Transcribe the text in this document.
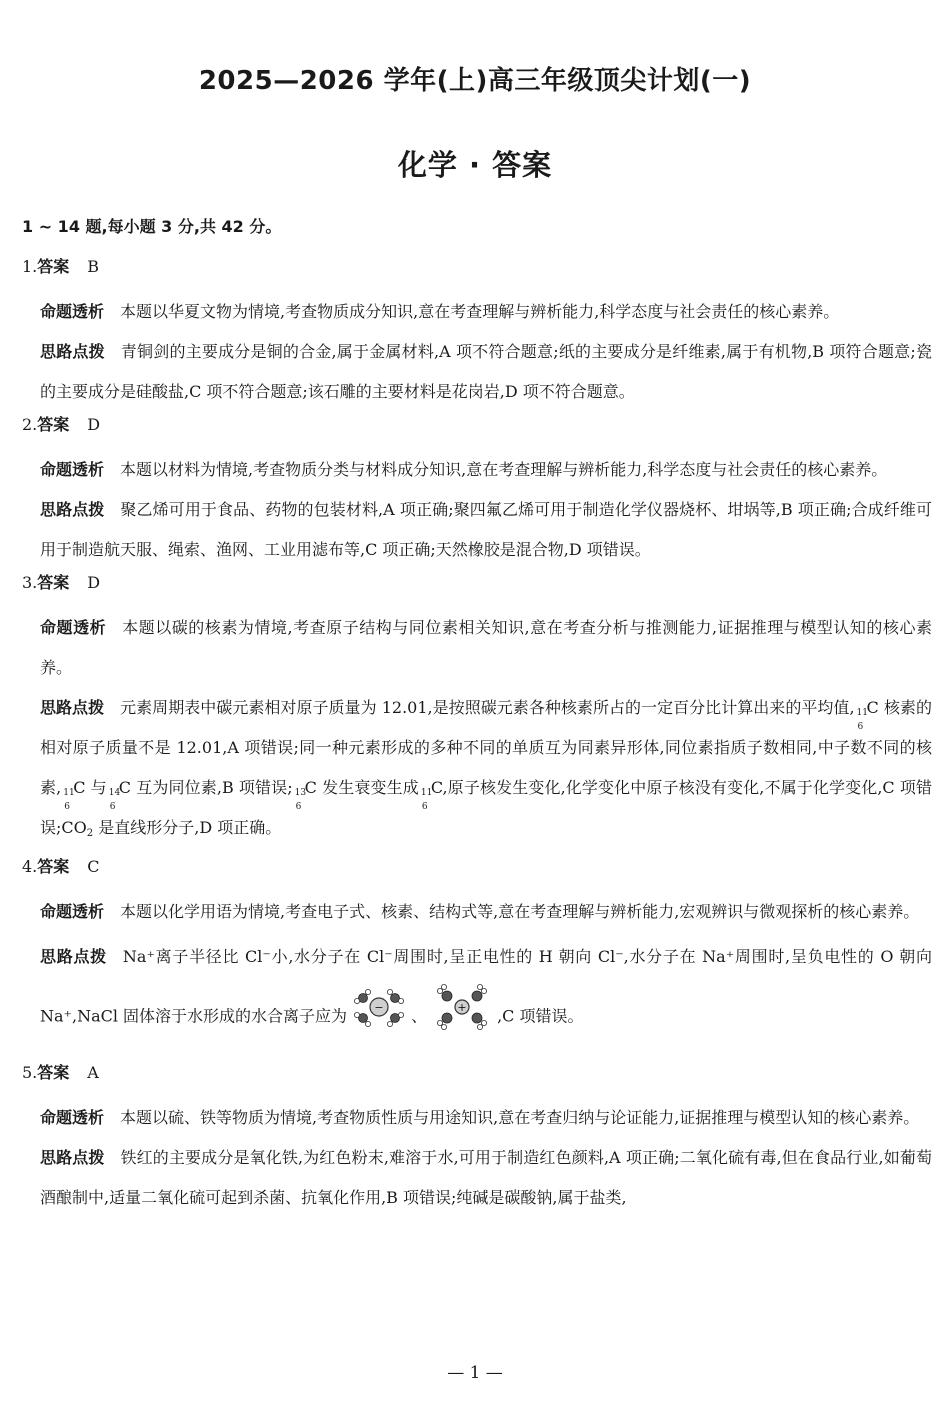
2025—2026 学年(上)高三年级顶尖计划(一)
化学 · 答案
1 ~ 14 题,每小题 3 分,共 42 分。
1.答案 B
命题透析 本题以华夏文物为情境,考查物质成分知识,意在考查理解与辨析能力,科学态度与社会责任的核心素养。
思路点拨 青铜剑的主要成分是铜的合金,属于金属材料,A 项不符合题意;纸的主要成分是纤维素,属于有机物,B 项符合题意;瓷的主要成分是硅酸盐,C 项不符合题意;该石雕的主要材料是花岗岩,D 项不符合题意。
2.答案 D
命题透析 本题以材料为情境,考查物质分类与材料成分知识,意在考查理解与辨析能力,科学态度与社会责任的核心素养。
思路点拨 聚乙烯可用于食品、药物的包装材料,A 项正确;聚四氟乙烯可用于制造化学仪器烧杯、坩埚等,B 项正确;合成纤维可用于制造航天服、绳索、渔网、工业用滤布等,C 项正确;天然橡胶是混合物,D 项错误。
3.答案 D
命题透析 本题以碳的核素为情境,考查原子结构与同位素相关知识,意在考查分析与推测能力,证据推理与模型认知的核心素养。
思路点拨 元素周期表中碳元素相对原子质量为 12.01,是按照碳元素各种核素所占的一定百分比计算出来的平均值, 11
6
C 核素的相对原子质量不是 12.01,A 项错误;同一种元素形成的多种不同的单质互为同素异形体,同位素指质子数相同,中子数不同的核素, 11
6
C 与 14
6
C 互为同位素,B 项错误; 13
6
C 发生衰变生成 11
6
C,原子核发生变化,化学变化中原子核没有变化,不属于化学变化,C 项错误;CO2 是直线形分子,D 项正确。
4.答案 C
命题透析 本题以化学用语为情境,考查电子式、核素、结构式等,意在考查理解与辨析能力,宏观辨识与微观探析的核心素养。
思路点拨 Na⁺离子半径比 Cl⁻小,水分子在 Cl⁻周围时,呈正电性的 H 朝向 Cl⁻,水分子在 Na⁺周围时,呈负电性的 O 朝向 Na⁺,NaCl 固体溶于水形成的水合离子应为 − 、	+ ,C 项错误。
5.答案 A
命题透析 本题以硫、铁等物质为情境,考查物质性质与用途知识,意在考查归纳与论证能力,证据推理与模型认知的核心素养。
思路点拨 铁红的主要成分是氧化铁,为红色粉末,难溶于水,可用于制造红色颜料,A 项正确;二氧化硫有毒,但在食品行业,如葡萄酒酿制中,适量二氧化硫可起到杀菌、抗氧化作用,B 项错误;纯碱是碳酸钠,属于盐类,
— 1 —
